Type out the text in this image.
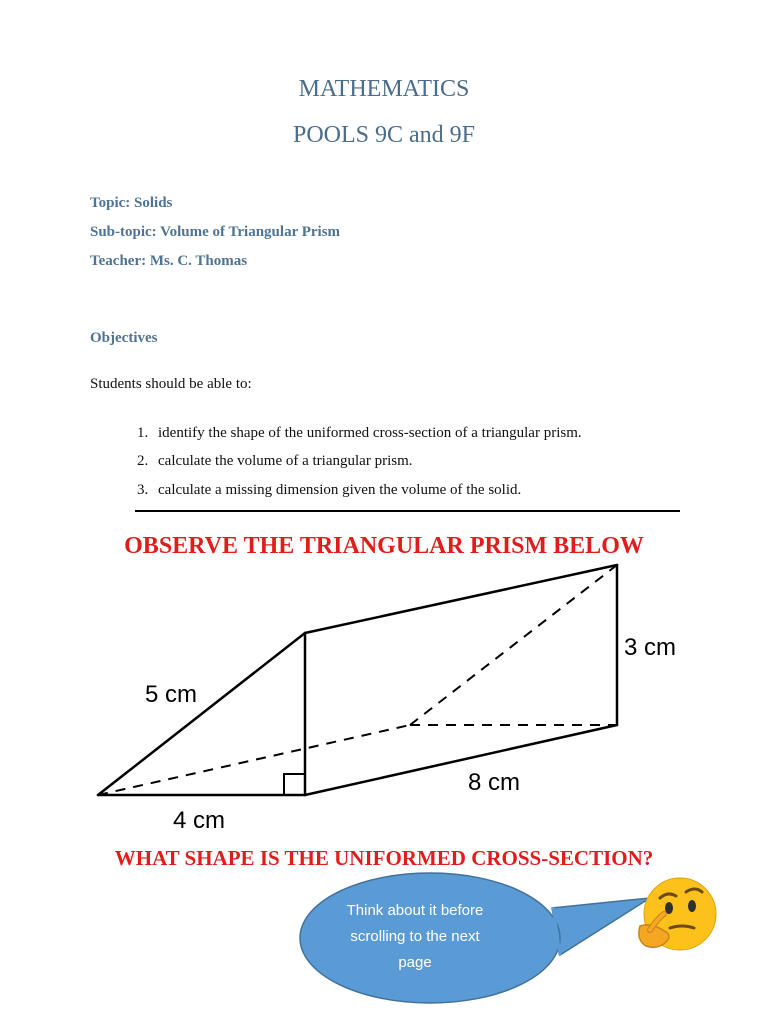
MATHEMATICS
POOLS 9C and 9F
Topic: Solids
Sub-topic: Volume of Triangular Prism
Teacher: Ms. C. Thomas
Objectives
Students should be able to:
1. identify the shape of the uniformed cross-section of a triangular prism.
2. calculate the volume of a triangular prism.
3. calculate a missing dimension given the volume of the solid.
OBSERVE THE TRIANGULAR PRISM BELOW
5 cm
4 cm
8 cm
3 cm
WHAT SHAPE IS THE UNIFORMED CROSS-SECTION?
Think about it before
scrolling to the next
page
